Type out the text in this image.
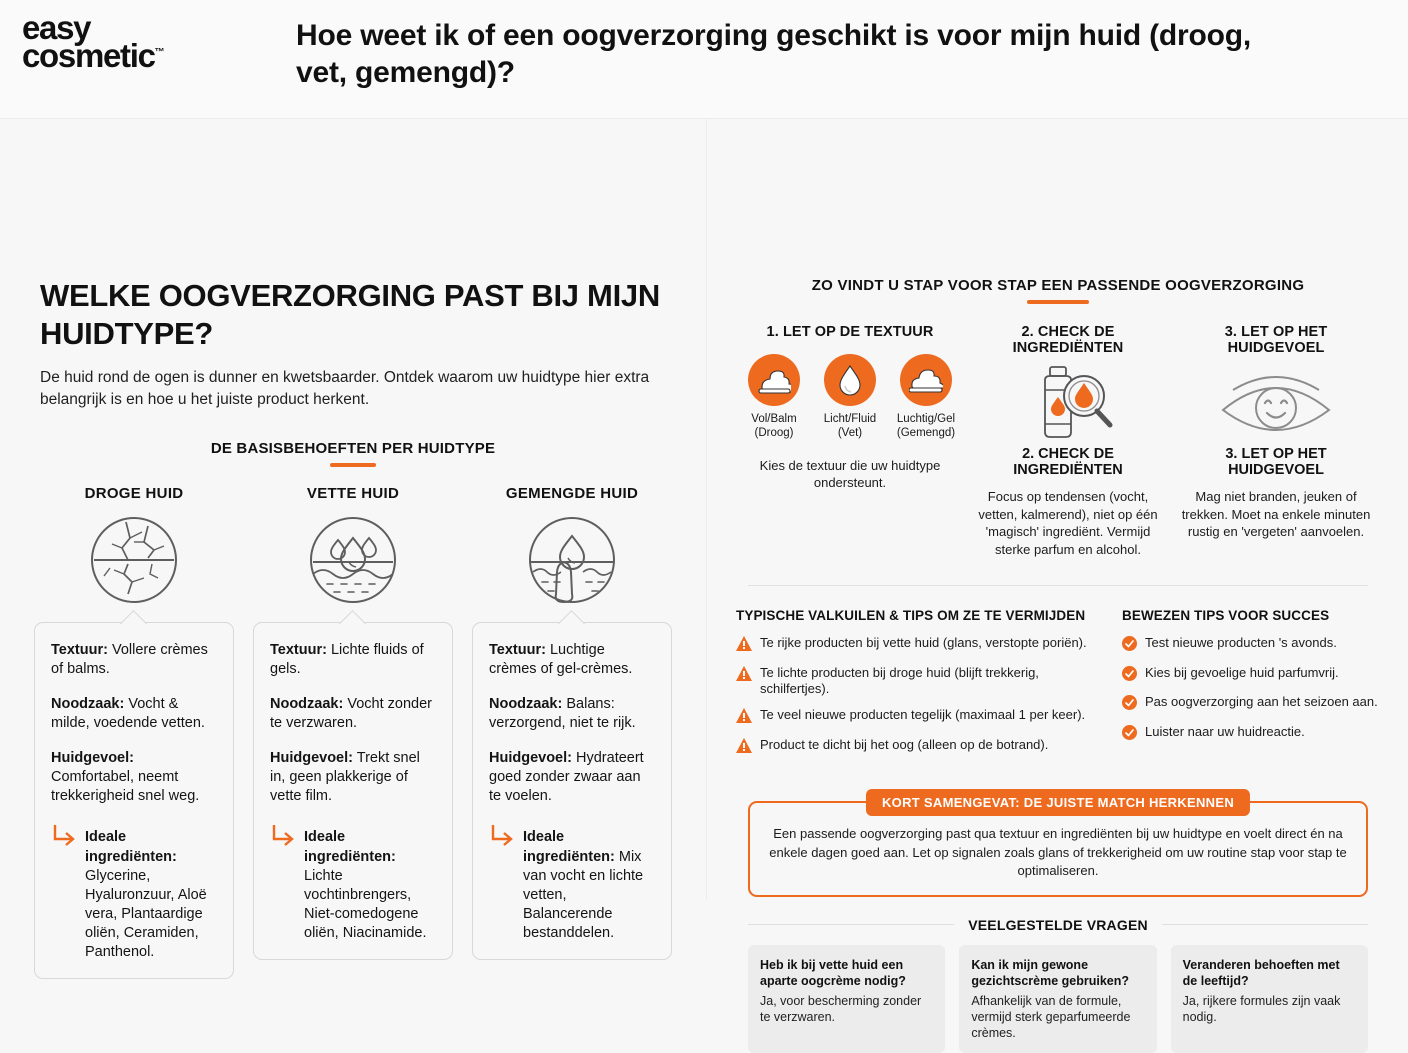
easy
cosmetic™
Hoe weet ik of een oogverzorging geschikt is voor mijn huid (droog, vet, gemengd)?
WELKE OOGVERZORGING PAST BIJ MIJN HUIDTYPE?
De huid rond de ogen is dunner en kwetsbaarder. Ontdek waarom uw huidtype hier extra belangrijk is en hoe u het juiste product herkent.
DE BASISBEHOEFTEN PER HUIDTYPE
DROGE HUID
Textuur: Vollere crèmes of balms.
Noodzaak: Vocht & milde, voedende vetten.
Huidgevoel: Comfortabel, neemt trekkerigheid snel weg.
Ideale ingrediënten: Glycerine, Hyaluronzuur, Aloë vera, Plantaardige oliën, Ceramiden, Panthenol.
VETTE HUID
Textuur: Lichte fluids of gels.
Noodzaak: Vocht zonder te verzwaren.
Huidgevoel: Trekt snel in, geen plakkerige of vette film.
Ideale ingrediënten: Lichte vochtinbrengers, Niet-comedogene oliën, Niacinamide.
GEMENGDE HUID
Textuur: Luchtige crèmes of gel-crèmes.
Noodzaak: Balans: verzorgend, niet te rijk.
Huidgevoel: Hydrateert goed zonder zwaar aan te voelen.
Ideale ingrediënten: Mix van vocht en lichte vetten, Balancerende bestanddelen.
ZO VINDT U STAP VOOR STAP EEN PASSENDE OOGVERZORGING
1. LET OP DE TEXTUUR
Vol/Balm
(Droog)
Licht/Fluid
(Vet)
Luchtig/Gel
(Gemengd)
Kies de textuur die uw huidtype ondersteunt.
2. CHECK DE INGREDIËNTEN
2. CHECK DE INGREDIËNTEN
Focus op tendensen (vocht, vetten, kalmerend), niet op één 'magisch' ingrediënt. Vermijd sterke parfum en alcohol.
3. LET OP HET HUIDGEVOEL
3. LET OP HET HUIDGEVOEL
Mag niet branden, jeuken of trekken. Moet na enkele minuten rustig en 'vergeten' aanvoelen.
TYPISCHE VALKUILEN & TIPS OM ZE TE VERMIJDEN
Te rijke producten bij vette huid (glans, verstopte poriën).
Te lichte producten bij droge huid (blijft trekkerig, schilfertjes).
Te veel nieuwe producten tegelijk (maximaal 1 per keer).
Product te dicht bij het oog (alleen op de botrand).
BEWEZEN TIPS VOOR SUCCES
Test nieuwe producten 's avonds.
Kies bij gevoelige huid parfumvrij.
Pas oogverzorging aan het seizoen aan.
Luister naar uw huidreactie.
KORT SAMENGEVAT: DE JUISTE MATCH HERKENNEN
Een passende oogverzorging past qua textuur en ingrediënten bij uw huidtype en voelt direct én na enkele dagen goed aan. Let op signalen zoals glans of trekkerigheid om uw routine stap voor stap te optimaliseren.
VEELGESTELDE VRAGEN
Heb ik bij vette huid een aparte oogcrème nodig?
Ja, voor bescherming zonder te verzwaren.
Kan ik mijn gewone gezichtscrème gebruiken?
Afhankelijk van de formule, vermijd sterk geparfumeerde crèmes.
Veranderen behoeften met de leeftijd?
Ja, rijkere formules zijn vaak nodig.
